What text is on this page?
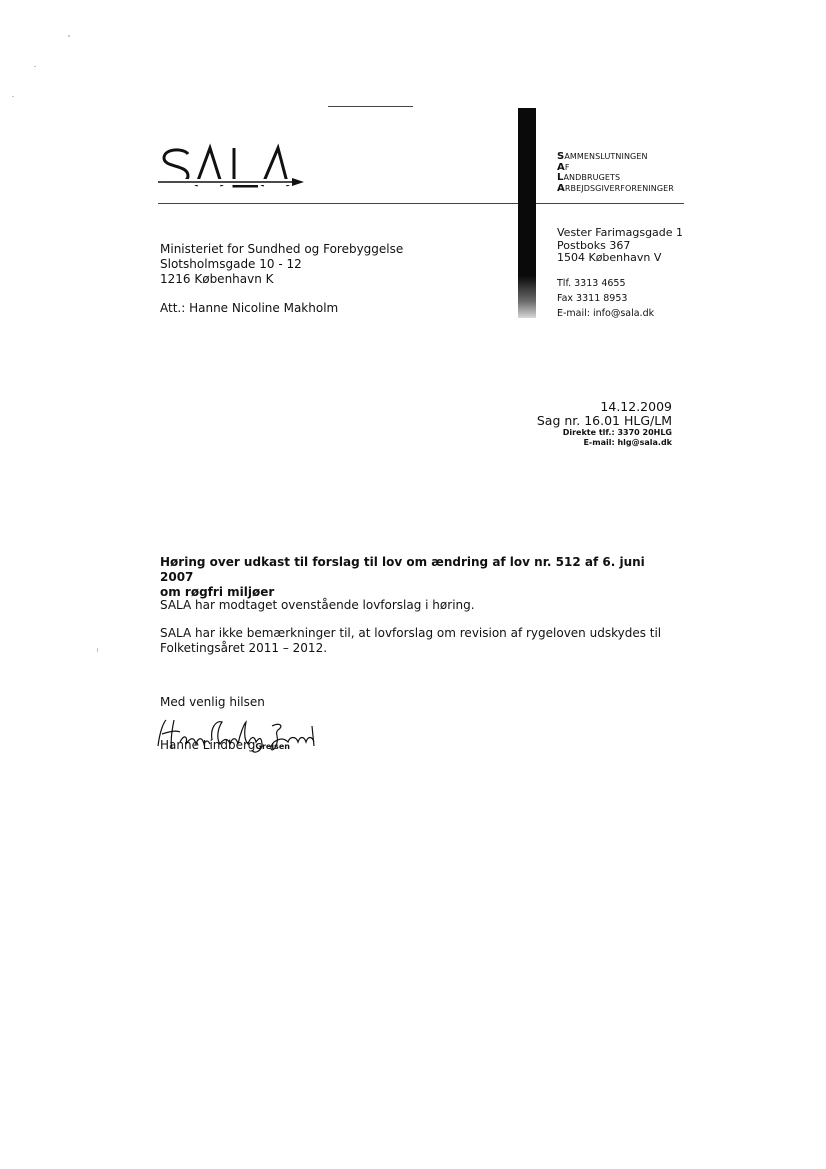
SAMMENSLUTNINGEN
AF
LANDBRUGETS
ARBEJDSGIVERFORENINGER
Vester Farimagsgade 1
Postboks 367
1504 København V
Tlf. 3313 4655
Fax 3311 8953
E-mail: info@sala.dk
Ministeriet for Sundhed og Forebyggelse
Slotsholmsgade 10 - 12
1216 København K
Att.: Hanne Nicoline Makholm
14.12.2009
Sag nr. 16.01 HLG/LM
Direkte tlf.: 3370 20HLG
E-mail: hlg@sala.dk
Høring over udkast til forslag til lov om ændring af lov nr. 512 af 6. juni 2007
om røgfri miljøer
SALA har modtaget ovenstående lovforslag i høring.
SALA har ikke bemærkninger til, at lovforslag om revision af rygeloven udskydes til
Folketingsåret 2011 – 2012.
Med venlig hilsen
Hanne LindbergGreisen
